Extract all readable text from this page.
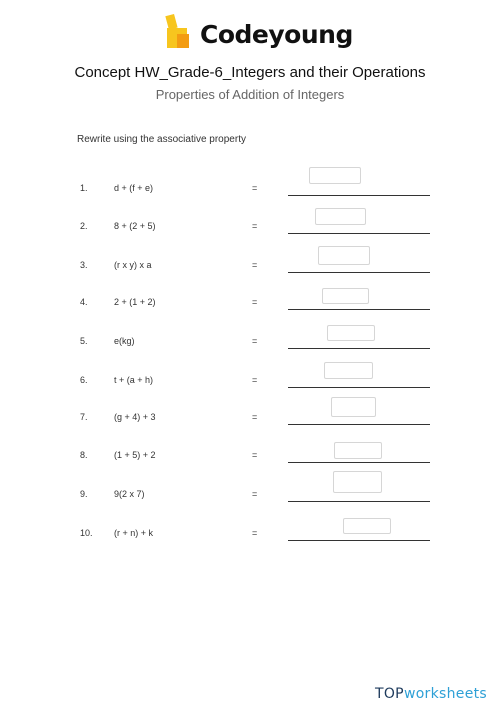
Codeyoung
Concept HW_Grade-6_Integers and their Operations
Properties of Addition of Integers
Rewrite using the associative property
1.	d + (f + e)	=
2.	8 + (2 + 5)	=
3.	(r x y) x a	=
4.	2 + (1 + 2)	=
5.	e(kg)	=
6.	t + (a + h)	=
7.	(g + 4) + 3	=
8.	(1 + 5) + 2	=
9.	9(2 x 7)	=
10. (r + n) + k	=
TOPworksheets
